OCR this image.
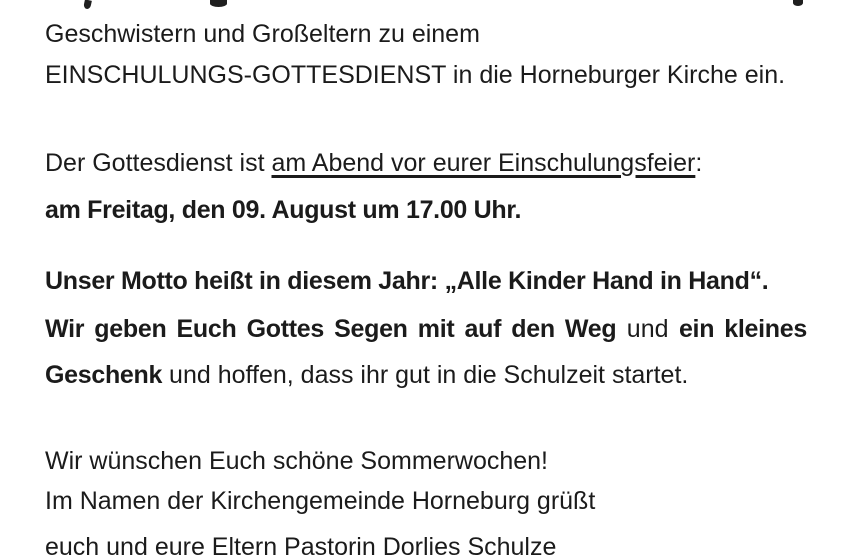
Geschwistern und Großeltern zu einem
EINSCHULUNGS-GOTTESDIENST in die Horneburger Kirche ein.
Der Gottesdienst ist am Abend vor eurer Einschulungsfeier:
am Freitag, den 09. August um 17.00 Uhr.
Unser Motto heißt in diesem Jahr: „Alle Kinder Hand in Hand“.
Wir geben Euch Gottes Segen mit auf den Weg und ein kleines
Geschenk und hoffen, dass ihr gut in die Schulzeit startet.
Wir wünschen Euch schöne Sommerwochen!
Im Namen der Kirchengemeinde Horneburg grüßt
euch und eure Eltern Pastorin Dorlies Schulze
